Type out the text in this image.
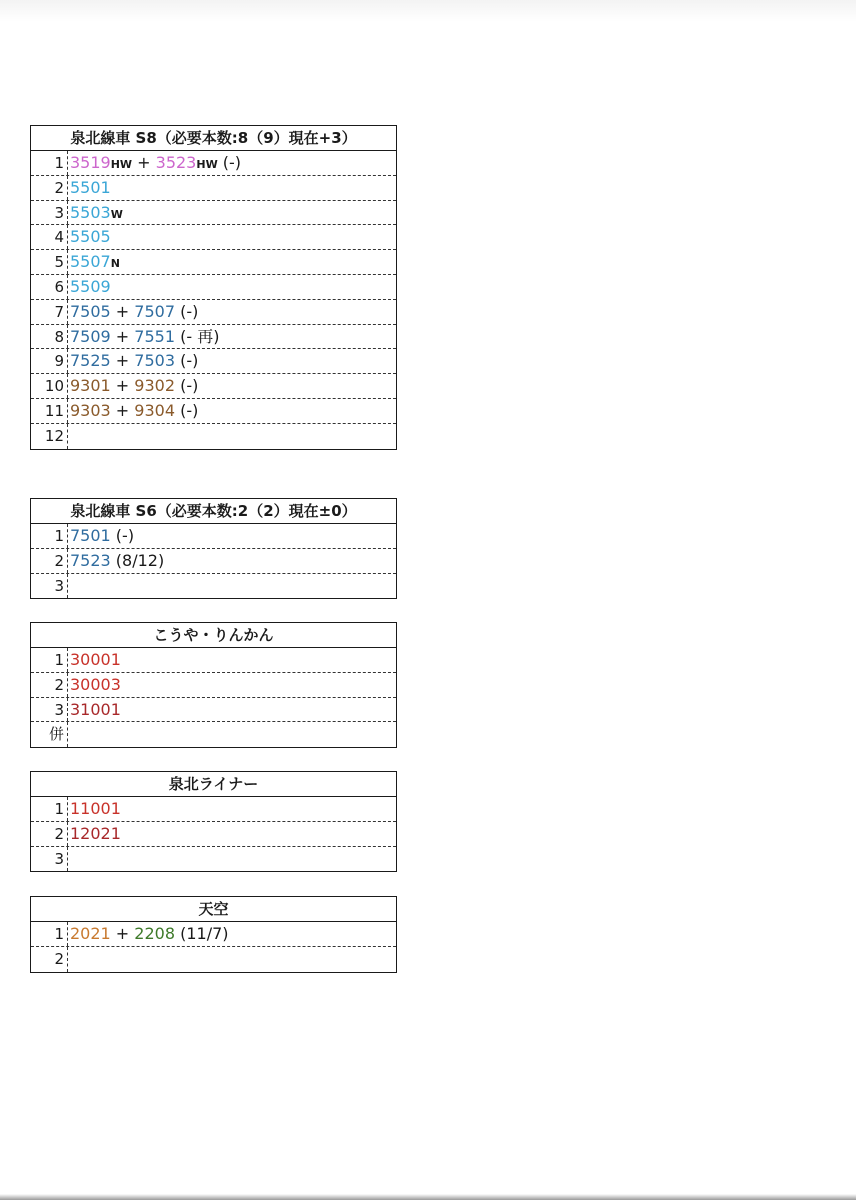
泉北線車 S8（必要本数:8（9）現在+3）
1 3519HW + 3523HW (-)
2 5501
3 5503W
4 5505
5 5507N
6 5509
7 7505 + 7507 (-)
8 7509 + 7551 (- 再)
9 7525 + 7503 (-)
10 9301 + 9302 (-)
11 9303 + 9304 (-)
12
泉北線車 S6（必要本数:2（2）現在±0）
1 7501 (-)
2 7523 (8/12)
3
こうや・りんかん
1 30001
2 30003
3 31001
併
泉北ライナー
1 11001
2 12021
3
天空
1 2021 + 2208 (11/7)
2
